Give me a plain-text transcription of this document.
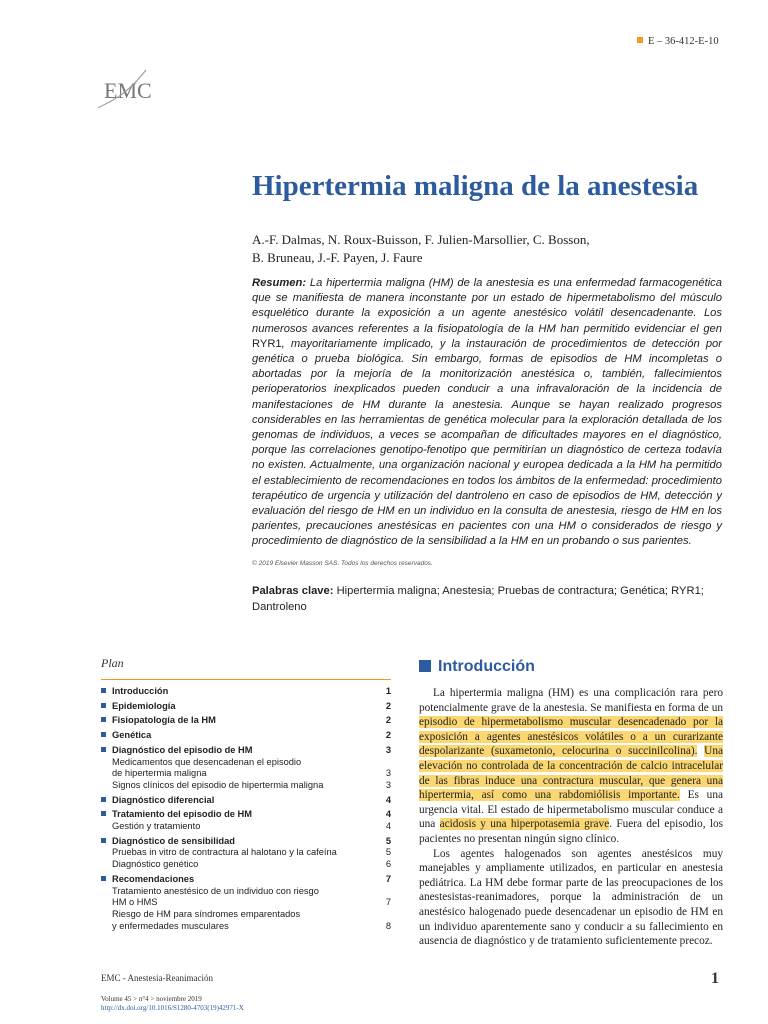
E – 36-412-E-10
EMC
Hipertermia maligna de la anestesia
A.-F. Dalmas, N. Roux-Buisson, F. Julien-Marsollier, C. Bosson,
B. Bruneau, J.-F. Payen, J. Faure

Resumen: La hipertermia maligna (HM) de la anestesia es una enfermedad farmacogenética que se manifiesta de manera inconstante por un estado de hipermetabolismo del músculo esquelético durante la exposición a un agente anestésico volátil desencadenante. Los numerosos avances referentes a la fisiopatología de la HM han permitido evidenciar el gen RYR1, mayoritariamente implicado, y la instauración de procedimientos de detección por genética o prueba biológica. Sin embargo, formas de episodios de HM incompletas o abortadas por la mejoría de la monitorización anestésica o, también, fallecimientos perioperatorios inexplicados pueden conducir a una infravaloración de la incidencia de manifestaciones de HM durante la anestesia. Aunque se hayan realizado progresos considerables en las herramientas de genética molecular para la exploración detallada de los genomas de individuos, a veces se acompañan de dificultades mayores en el diagnóstico, porque las correlaciones genotipo-fenotipo que permitirían un diagnóstico de certeza todavía no existen. Actualmente, una organización nacional y europea dedicada a la HM ha permitido el establecimiento de recomendaciones en todos los ámbitos de la enfermedad: procedimiento terapéutico de urgencia y utilización del dantroleno en caso de episodios de HM, detección y evaluación del riesgo de HM en un individuo en la consulta de anestesia, riesgo de HM en los parientes, precauciones anestésicas en pacientes con una HM o considerados de riesgo y procedimiento de diagnóstico de la sensibilidad a la HM en un probando o sus parientes.

© 2019 Elsevier Masson SAS. Todos los derechos reservados.

Palabras clave: Hipertermia maligna; Anestesia; Pruebas de contractura; Genética; RYR1; Dantroleno

Plan
Introducción	1
Epidemiología	2
Fisiopatología de la HM	2
Genética	2
Diagnóstico del episodio de HM	3
Medicamentos que desencadenan el episodio
de hipertermia maligna	3
Signos clínicos del episodio de hipertermia maligna	3
Diagnóstico diferencial	4
Tratamiento del episodio de HM	4
Gestión y tratamiento	4
Diagnóstico de sensibilidad	5
Pruebas in vitro de contractura al halotano y la cafeína	5
Diagnóstico genético	6
Recomendaciones	7
Tratamiento anestésico de un individuo con riesgo
HM o HMS	7
Riesgo de HM para síndromes emparentados
y enfermedades musculares	8
Introducción

La hipertermia maligna (HM) es una complicación rara pero potencialmente grave de la anestesia. Se manifiesta en forma de un episodio de hipermetabolismo muscular desencadenado por la exposición a agentes anestésicos volátiles o a un curarizante despolarizante (suxametonio, celocurina o succinilcolina). Una elevación no controlada de la concentración de calcio intracelular de las fibras induce una contractura muscular, que genera una hipertermia, así como una rabdomiólisis importante. Es una urgencia vital. El estado de hipermetabolismo muscular conduce a una acidosis y una hiperpotasemia grave. Fuera del episodio, los pacientes no presentan ningún signo clínico.

Los agentes halogenados son agentes anestésicos muy manejables y ampliamente utilizados, en particular en anestesia pediátrica. La HM debe formar parte de las preocupaciones de los anestesistas-reanimadores, porque la administración de un anestésico halogenado puede desencadenar un episodio de HM en un individuo aparentemente sano y conducir a su fallecimiento en ausencia de diagnóstico y de tratamiento suficientemente precoz.

EMC - Anestesia-Reanimación
Volume 45 > n°4 > noviembre 2019
http://dx.doi.org/10.1016/S1280-4703(19)42971-X
1
